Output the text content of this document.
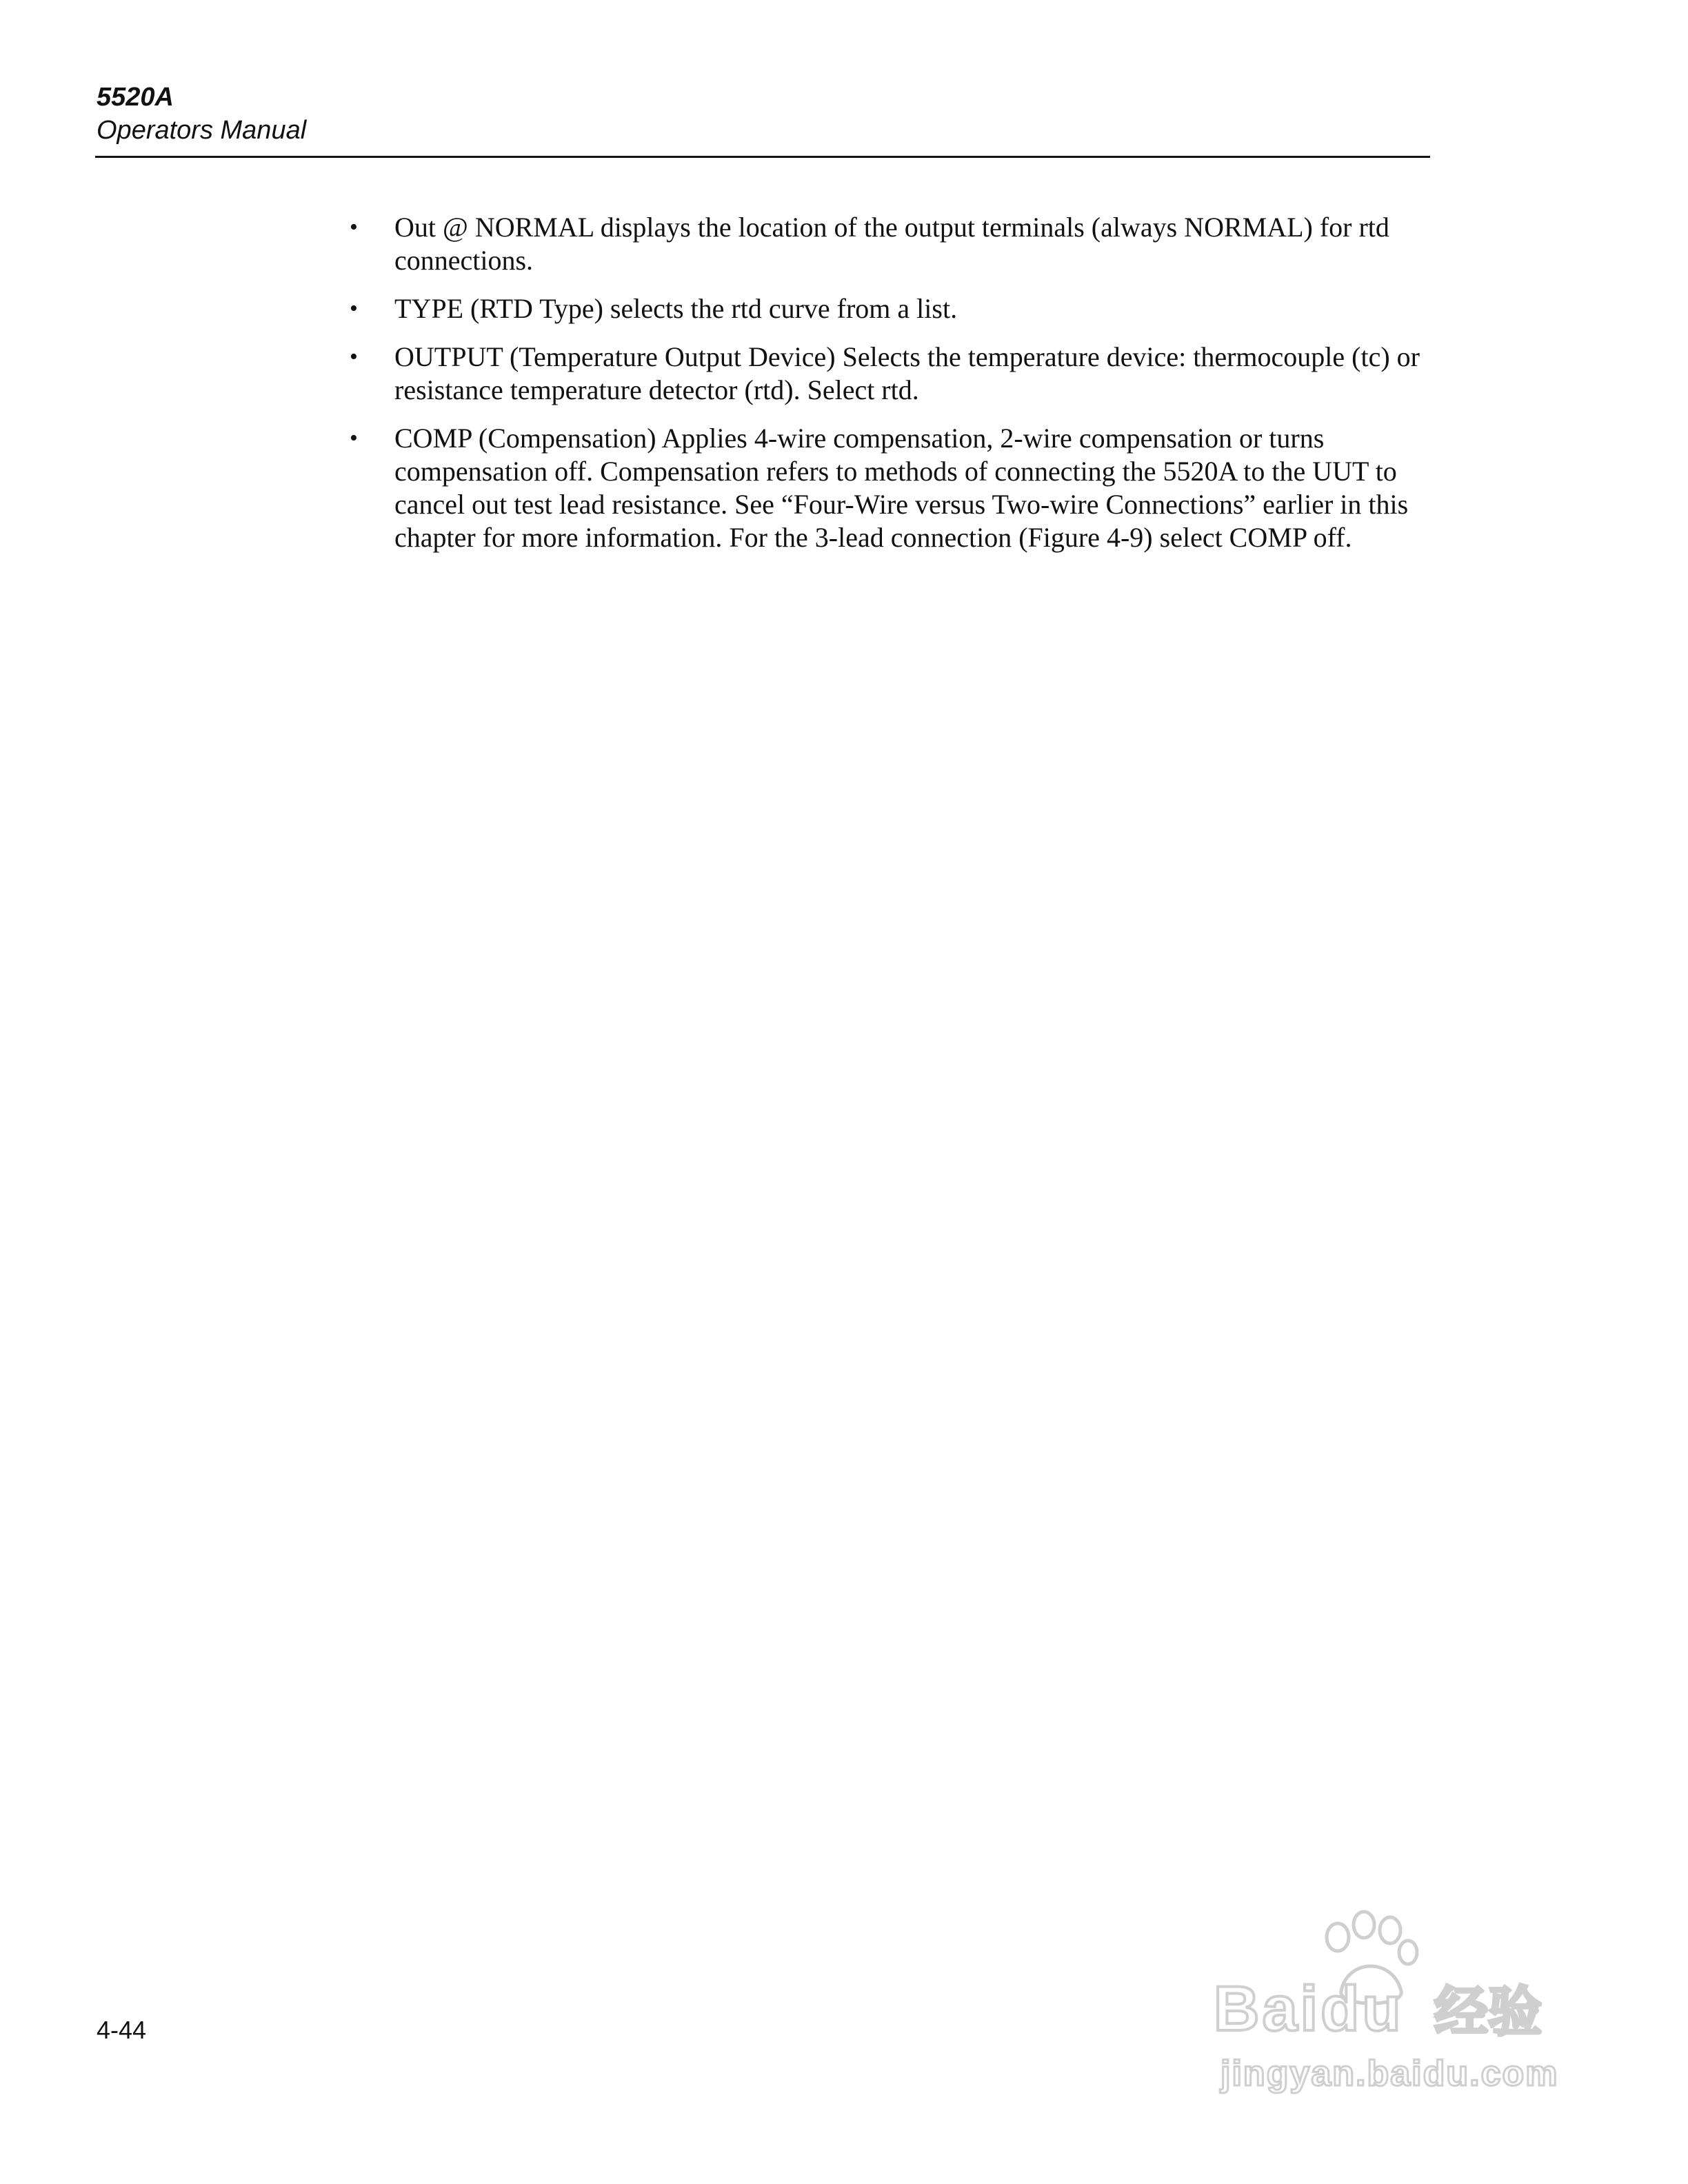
5520A
Operators Manual
• Out @ NORMAL displays the location of the output terminals (always NORMAL) for rtd connections.
• TYPE (RTD Type) selects the rtd curve from a list.
• OUTPUT (Temperature Output Device) Selects the temperature device: thermocouple (tc) or resistance temperature detector (rtd). Select rtd.
• COMP (Compensation) Applies 4-wire compensation, 2-wire compensation or turns compensation off. Compensation refers to methods of connecting the 5520A to the UUT to cancel out test lead resistance. See “Four-Wire versus Two-wire Connections” earlier in this chapter for more information. For the 3-lead connection (Figure 4-9) select COMP off.
4-44	Baidu 经验
jingyan.baidu.com
